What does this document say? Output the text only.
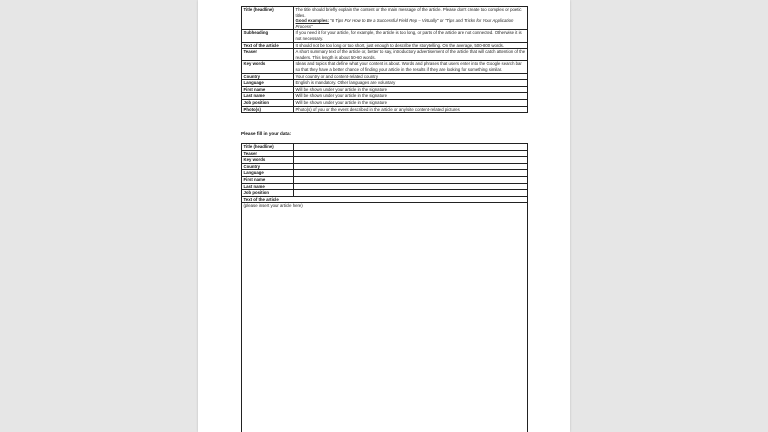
Title (headline)	The title should briefly explain the content or the main message of the article. Please don't create too complex or poetic titles.
Good examples: "6 Tips For How to Be a Successful Field Rep – Virtually" or "Tips and Tricks for Your Application Process"
Subheading	If you need it for your article, for example, the article is too long, or parts of the article are not connected. Otherwise it is not necessary.
Text of the article	It should not be too long or too short, just enough to describe the storytelling. On the average, 500-800 words.
Teaser	A short summary text of the article or, better to say, introductory advertisement of the article that will catch attention of the readers. This length is about 50-60 words.
Key words	Ideas and topics that define what your content is about. Words and phrases that users enter into the Google search bar so that they have a better chance of finding your article in the results if they are looking for something similar.
Country	Your country or and content-related country
Language	English is mandatory. Other languages are voluntary
First name	Will be shown under your article in the signature
Last name	Will be shown under your article in the signature
Job position	Will be shown under your article in the signature
Photo(s)	Photo(s) of you or the event described in the article or any/site content-related pictures
Please fill in your data:
Title (headline)	
Teaser	
Key words	
Country	
Language	
First name	
Last name	
Job position	
Text of the article	
(please insert your article here)	
